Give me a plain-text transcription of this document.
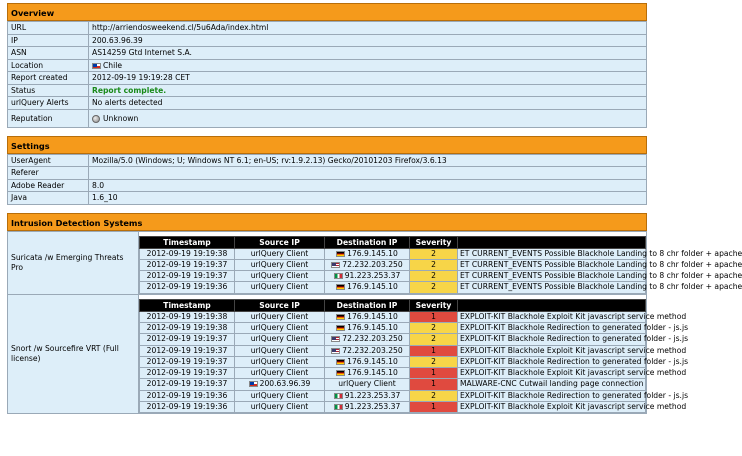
Overview
URL	http://arriendosweekend.cl/5u6Ada/index.html
IP	200.63.96.39
ASN	AS14259 Gtd Internet S.A.
Location	Chile
Report created	2012-09-19 19:19:28 CET
Status	Report complete.
urlQuery Alerts	No alerts detected
Reputation	Unknown
Settings
UserAgent	Mozilla/5.0 (Windows; U; Windows NT 6.1; en-US; rv:1.9.2.13) Gecko/20101203 Firefox/3.6.13
Referer	
Adobe Reader	8.0
Java	1.6_10
Intrusion Detection Systems
Suricata /w Emerging Threats
Pro

Timestamp	Source IP	Destination IP	Severity	
2012-09-19 19:19:38	urlQuery Client	176.9.145.10	2	ET CURRENT_EVENTS Possible Blackhole Landing to 8 chr folder + apache
2012-09-19 19:19:37	urlQuery Client	72.232.203.250	2	ET CURRENT_EVENTS Possible Blackhole Landing to 8 chr folder + apache
2012-09-19 19:19:37	urlQuery Client	91.223.253.37	2	ET CURRENT_EVENTS Possible Blackhole Landing to 8 chr folder + apache
2012-09-19 19:19:36	urlQuery Client	176.9.145.10	2	ET CURRENT_EVENTS Possible Blackhole Landing to 8 chr folder + apache

Snort /w Sourcefire VRT (Full
license)

Timestamp	Source IP	Destination IP	Severity	
2012-09-19 19:19:38	urlQuery Client	176.9.145.10	1	EXPLOIT-KIT Blackhole Exploit Kit javascript service method
2012-09-19 19:19:38	urlQuery Client	176.9.145.10	2	EXPLOIT-KIT Blackhole Redirection to generated folder - js.js
2012-09-19 19:19:37	urlQuery Client	72.232.203.250	2	EXPLOIT-KIT Blackhole Redirection to generated folder - js.js
2012-09-19 19:19:37	urlQuery Client	72.232.203.250	1	EXPLOIT-KIT Blackhole Exploit Kit javascript service method
2012-09-19 19:19:37	urlQuery Client	176.9.145.10	2	EXPLOIT-KIT Blackhole Redirection to generated folder - js.js
2012-09-19 19:19:37	urlQuery Client	176.9.145.10	1	EXPLOIT-KIT Blackhole Exploit Kit javascript service method
2012-09-19 19:19:37	200.63.96.39	urlQuery Client	1	MALWARE-CNC Cutwail landing page connection
2012-09-19 19:19:36	urlQuery Client	91.223.253.37	2	EXPLOIT-KIT Blackhole Redirection to generated folder - js.js
2012-09-19 19:19:36	urlQuery Client	91.223.253.37	1	EXPLOIT-KIT Blackhole Exploit Kit javascript service method
